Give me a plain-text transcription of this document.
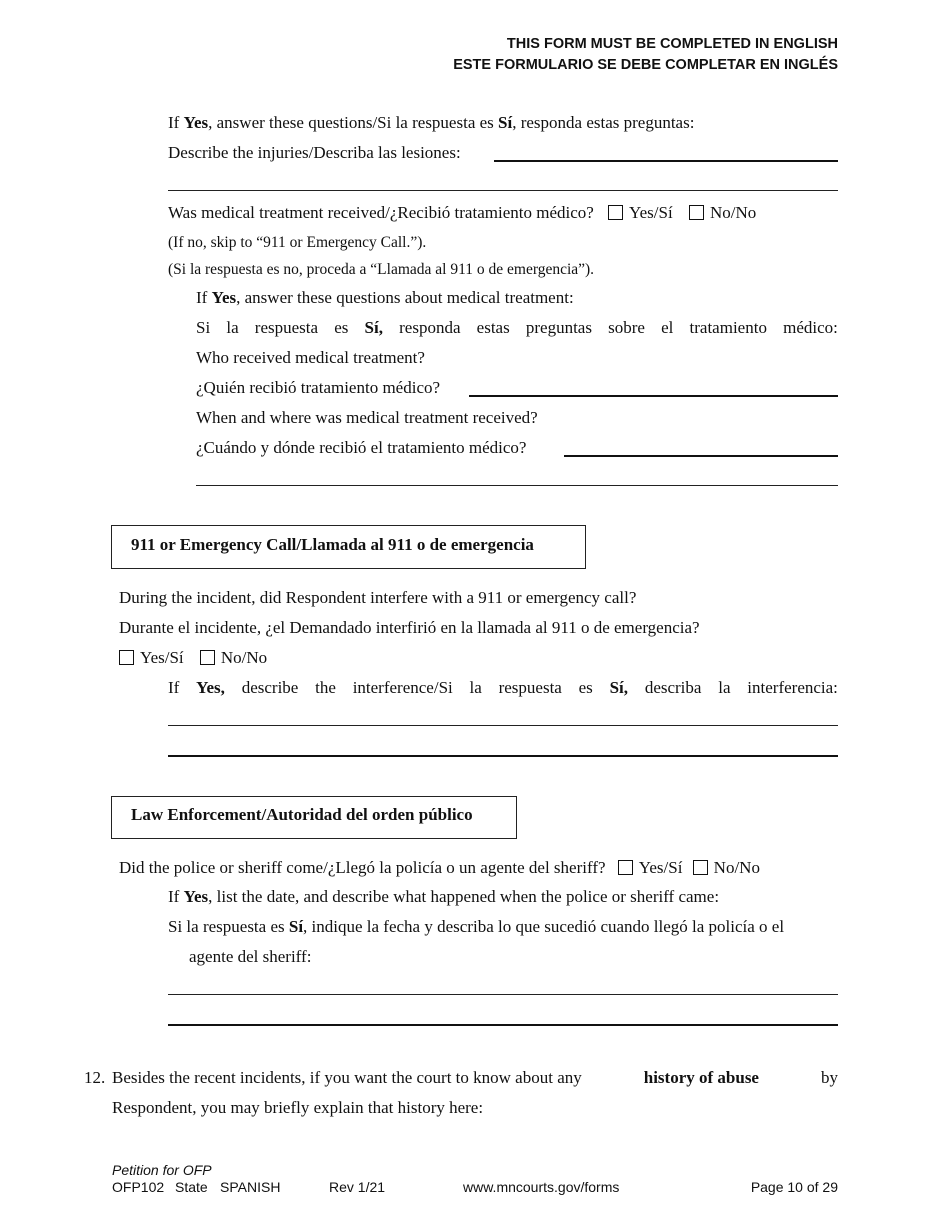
THIS FORM MUST BE COMPLETED IN ENGLISH
ESTE FORMULARIO SE DEBE COMPLETAR EN INGLÉS
If Yes, answer these questions/Si la respuesta es Sí, responda estas preguntas:
Describe the injuries/Describa las lesiones:
Was medical treatment received/¿Recibió tratamiento médico? Yes/Sí No/No
(If no, skip to “911 or Emergency Call.”).
(Si la respuesta es no, proceda a “Llamada al 911 o de emergencia”).
If Yes, answer these questions about medical treatment:
Si la respuesta es Sí, responda estas preguntas sobre el tratamiento médico:
Who received medical treatment?
¿Quién recibió tratamiento médico?
When and where was medical treatment received?
¿Cuándo y dónde recibió el tratamiento médico?
911 or Emergency Call/Llamada al 911 o de emergencia
During the incident, did Respondent interfere with a 911 or emergency call?
Durante el incidente, ¿el Demandado interfirió en la llamada al 911 o de emergencia?
Yes/Sí No/No
If Yes, describe the interference/Si la respuesta es Sí, describa la interferencia:
Law Enforcement/Autoridad del orden público
Did the police or sheriff come/¿Llegó la policía o un agente del sheriff? Yes/Sí No/No
If Yes, list the date, and describe what happened when the police or sheriff came:
Si la respuesta es Sí, indique la fecha y describa lo que sucedió cuando llegó la policía o el
agente del sheriff:
12. Besides the recent incidents, if you want the court to know about any	history of abuse	by
Respondent, you may briefly explain that history here:
Petition for OFP
OFP102 State SPANISH	Rev 1/21	www.mncourts.gov/forms	Page 10 of 29
